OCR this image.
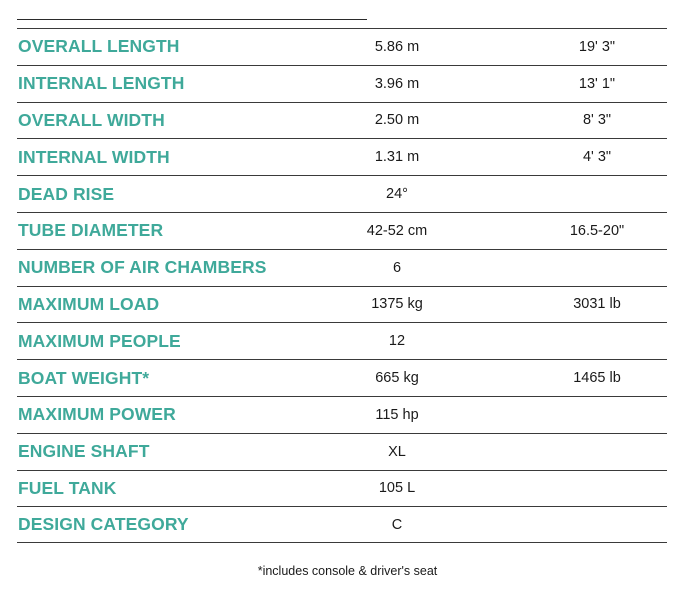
OVERALL LENGTH	5.86 m	19' 3"
INTERNAL LENGTH	3.96 m	13' 1"
OVERALL WIDTH	2.50 m	8' 3"
INTERNAL WIDTH	1.31 m	4' 3"
DEAD RISE	24°
TUBE DIAMETER	42-52 cm	16.5-20"
NUMBER OF AIR CHAMBERS	6
MAXIMUM LOAD	1375 kg	3031 lb
MAXIMUM PEOPLE	12
BOAT WEIGHT*	665 kg	1465 lb
MAXIMUM POWER	115 hp
ENGINE SHAFT	XL
FUEL TANK	105 L
DESIGN CATEGORY	C
*includes console & driver's seat
